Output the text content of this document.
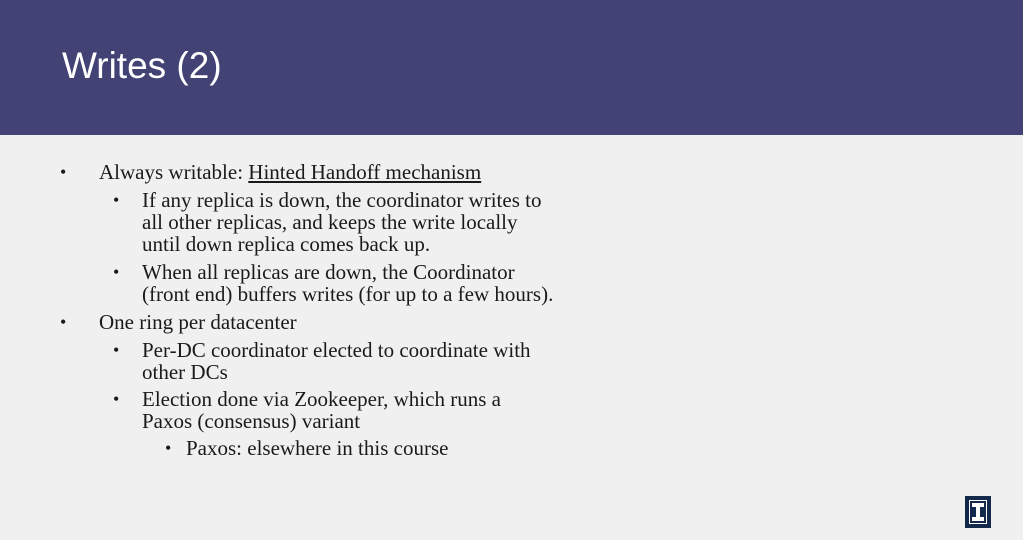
Writes (2)
• Always writable: Hinted Handoff mechanism
• If any replica is down, the coordinator writes to
all other replicas, and keeps the write locally
until down replica comes back up.
• When all replicas are down, the Coordinator
(front end) buffers writes (for up to a few hours).
• One ring per datacenter
• Per-DC coordinator elected to coordinate with
other DCs
• Election done via Zookeeper, which runs a
Paxos (consensus) variant
• Paxos: elsewhere in this course
